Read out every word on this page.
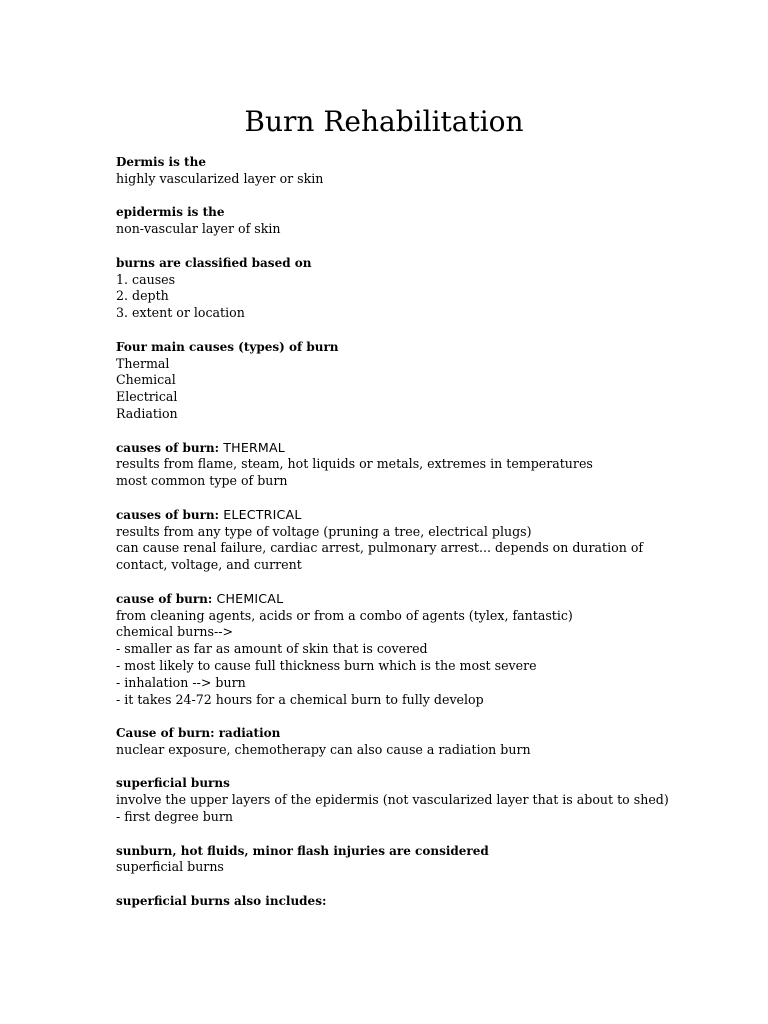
Burn Rehabilitation
Dermis is the
highly vascularized layer or skin
epidermis is the
non-vascular layer of skin
burns are classified based on
1. causes
2. depth
3. extent or location
Four main causes (types) of burn
Thermal
Chemical
Electrical
Radiation
causes of burn: THERMAL
results from flame, steam, hot liquids or metals, extremes in temperatures
most common type of burn
causes of burn: ELECTRICAL
results from any type of voltage (pruning a tree, electrical plugs)
can cause renal failure, cardiac arrest, pulmonary arrest... depends on duration of
contact, voltage, and current
cause of burn: CHEMICAL
from cleaning agents, acids or from a combo of agents (tylex, fantastic)
chemical burns-->
- smaller as far as amount of skin that is covered
- most likely to cause full thickness burn which is the most severe
- inhalation --> burn
- it takes 24-72 hours for a chemical burn to fully develop
Cause of burn: radiation
nuclear exposure, chemotherapy can also cause a radiation burn
superficial burns
involve the upper layers of the epidermis (not vascularized layer that is about to shed)
- first degree burn
sunburn, hot fluids, minor flash injuries are considered
superficial burns
superficial burns also includes:
